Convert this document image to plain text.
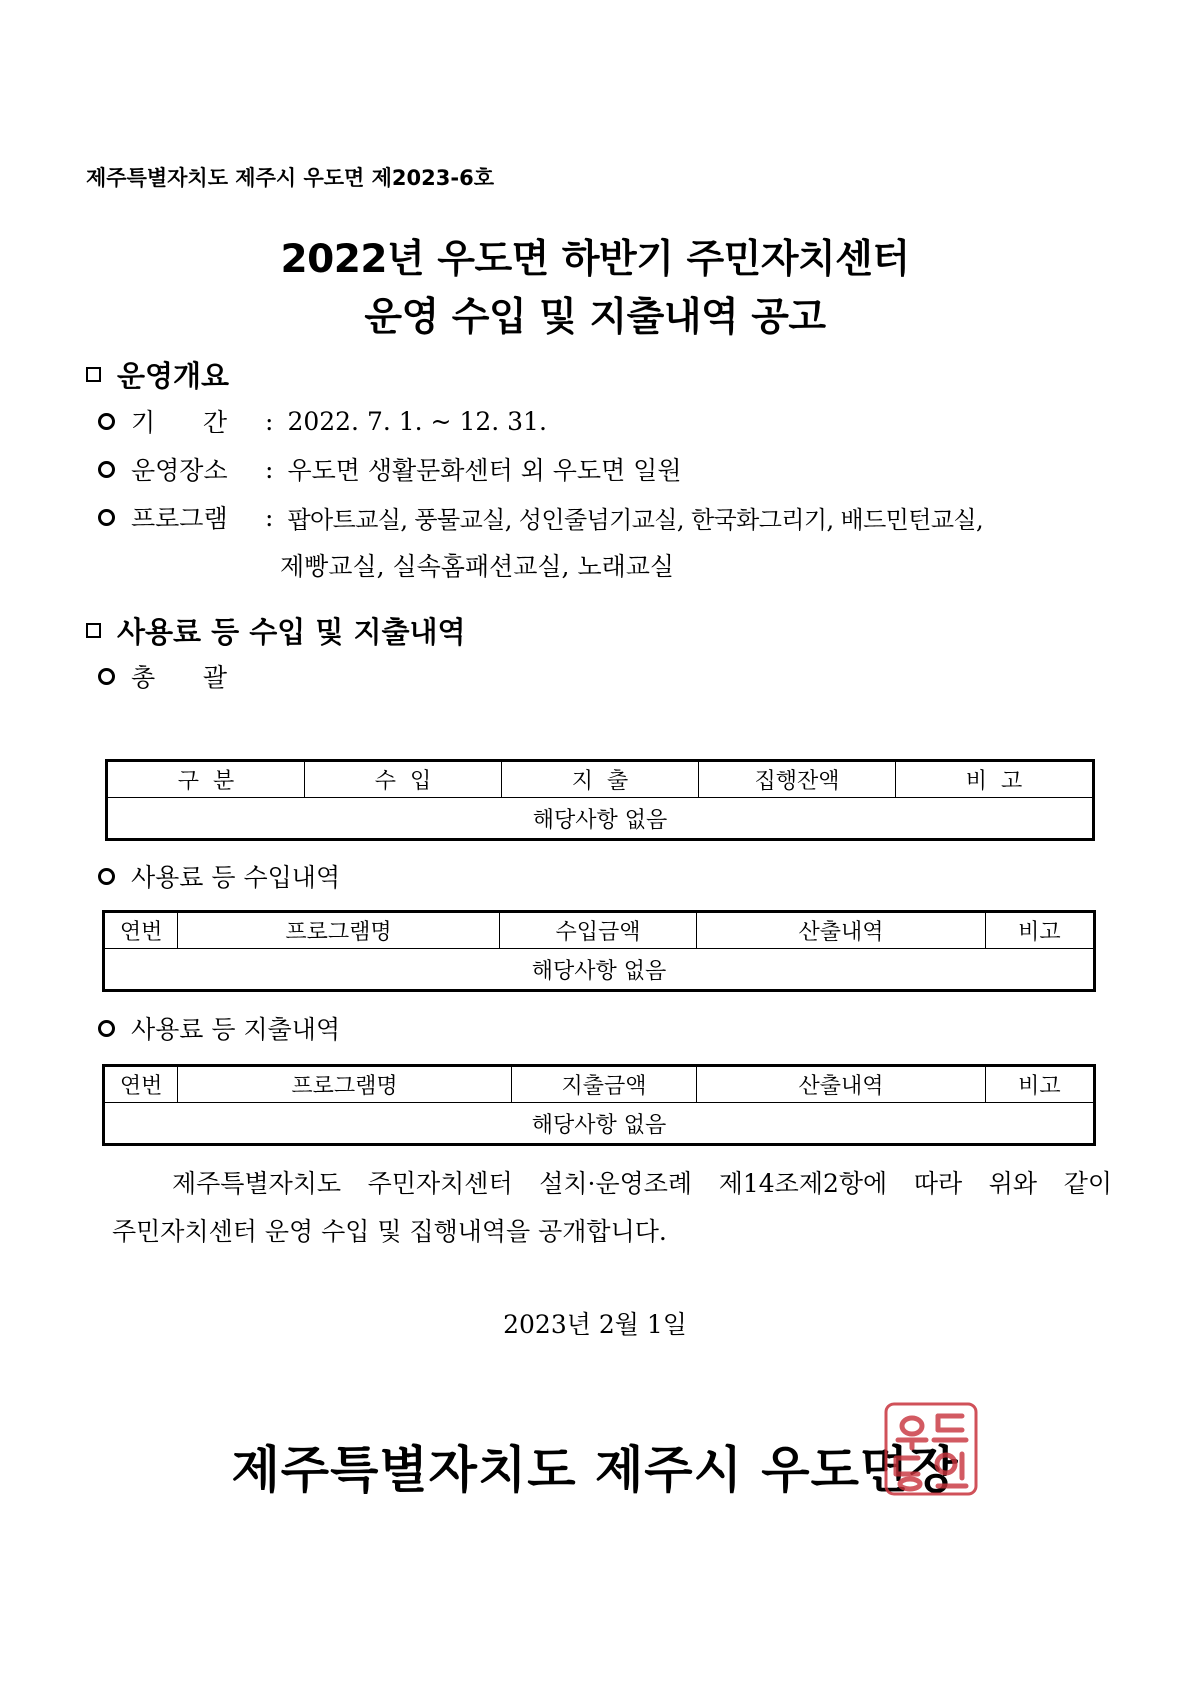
제주특별자치도 제주시 우도면 제2023-6호
2022년 우도면 하반기 주민자치센터
운영 수입 및 지출내역 공고
운영개요
기      간	: 2022. 7. 1. ~ 12. 31.
운영장소	: 우도면 생활문화센터 외 우도면 일원
프로그램	: 팝아트교실, 풍물교실, 성인줄넘기교실, 한국화그리기, 배드민턴교실,
제빵교실, 실속홈패션교실, 노래교실
사용료 등 수입 및 지출내역
총      괄
구  분	수  입	지  출	집행잔액	비  고
해당사항 없음
사용료 등 수입내역
연번	프로그램명	수입금액	산출내역	비고
해당사항 없음
사용료 등 지출내역
연번	프로그램명	지출금액	산출내역	비고
해당사항 없음
제주특별자치도 주민자치센터 설치·운영조례 제14조제2항에 따라 위와 같이
주민자치센터 운영 수입 및 집행내역을 공개합니다.
2023년 2월 1일
제주특별자치도 제주시 우도면장
